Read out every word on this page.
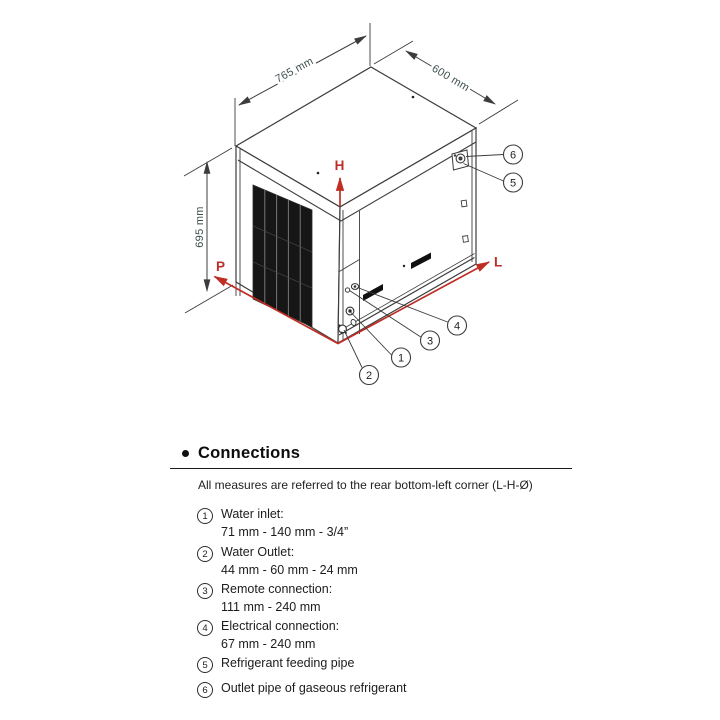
765 mm	600 mm
695 mm
H
P	L
6
5
4
3
1
2
Connections
All measures are referred to the rear bottom-left corner (L-H-Ø)
1	Water inlet:
71 mm - 140 mm - 3/4”
2	Water Outlet:
44 mm - 60 mm - 24 mm
3	Remote connection:
111 mm - 240 mm
4	Electrical connection:
67 mm - 240 mm
5	Refrigerant feeding pipe
6	Outlet pipe of gaseous refrigerant
